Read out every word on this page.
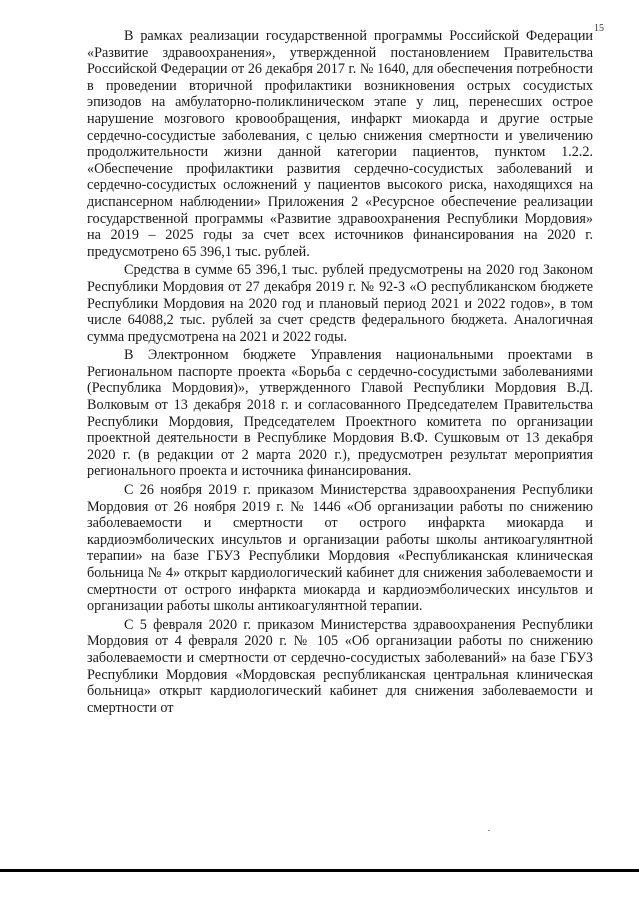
15

В рамках реализации государственной программы Российской Федерации «Развитие здравоохранения», утвержденной постановлением Правительства Российской Федерации от 26 декабря 2017 г. № 1640, для обеспечения потребности в проведении вторичной профилактики возникновения острых сосудистых эпизодов на амбулаторно-поликлиническом этапе у лиц, перенесших острое нарушение мозгового кровообращения, инфаркт миокарда и другие острые сердечно-сосудистые заболевания, с целью снижения смертности и увеличению продолжительности жизни данной категории пациентов, пунктом 1.2.2. «Обеспечение профилактики развития сердечно-сосудистых заболеваний и сердечно-сосудистых осложнений у пациентов высокого риска, находящихся на диспансерном наблюдении» Приложения 2 «Ресурсное обеспечение реализации государственной программы «Развитие здравоохранения Республики Мордовия» на 2019 – 2025 годы за счет всех источников финансирования на 2020 г. предусмотрено 65 396,1 тыс. рублей.

Средства в сумме 65 396,1 тыс. рублей предусмотрены на 2020 год Законом Республики Мордовия от 27 декабря 2019 г. № 92-З «О республиканском бюджете Республики Мордовия на 2020 год и плановый период 2021 и 2022 годов», в том числе 64088,2 тыс. рублей за счет средств федерального бюджета. Аналогичная сумма предусмотрена на 2021 и 2022 годы.

В Электронном бюджете Управления национальными проектами в Региональном паспорте проекта «Борьба с сердечно-сосудистыми заболеваниями (Республика Мордовия)», утвержденного Главой Республики Мордовия В.Д. Волковым от 13 декабря 2018 г. и согласованного Председателем Правительства Республики Мордовия, Председателем Проектного комитета по организации проектной деятельности в Республике Мордовия В.Ф. Сушковым от 13 декабря 2020 г. (в редакции от 2 марта 2020 г.), предусмотрен результат мероприятия регионального проекта и источника финансирования.

С 26 ноября 2019 г. приказом Министерства здравоохранения Республики Мордовия от 26 ноября 2019 г. № 1446 «Об организации работы по снижению заболеваемости и смертности от острого инфаркта миокарда и кардиоэмболических инсультов и организации работы школы антикоагулянтной терапии» на базе ГБУЗ Республики Мордовия «Республиканская клиническая больница № 4» открыт кардиологический кабинет для снижения заболеваемости и смертности от острого инфаркта миокарда и кардиоэмболических инсультов и организации работы школы антикоагулянтной терапии.

С 5 февраля 2020 г. приказом Министерства здравоохранения Республики Мордовия от 4 февраля 2020 г. № 105 «Об организации работы по снижению заболеваемости и смертности от сердечно-сосудистых заболеваний» на базе ГБУЗ Республики Мордовия «Мордовская республиканская центральная клиническая больница» открыт кардиологический кабинет для снижения заболеваемости и смертности от
